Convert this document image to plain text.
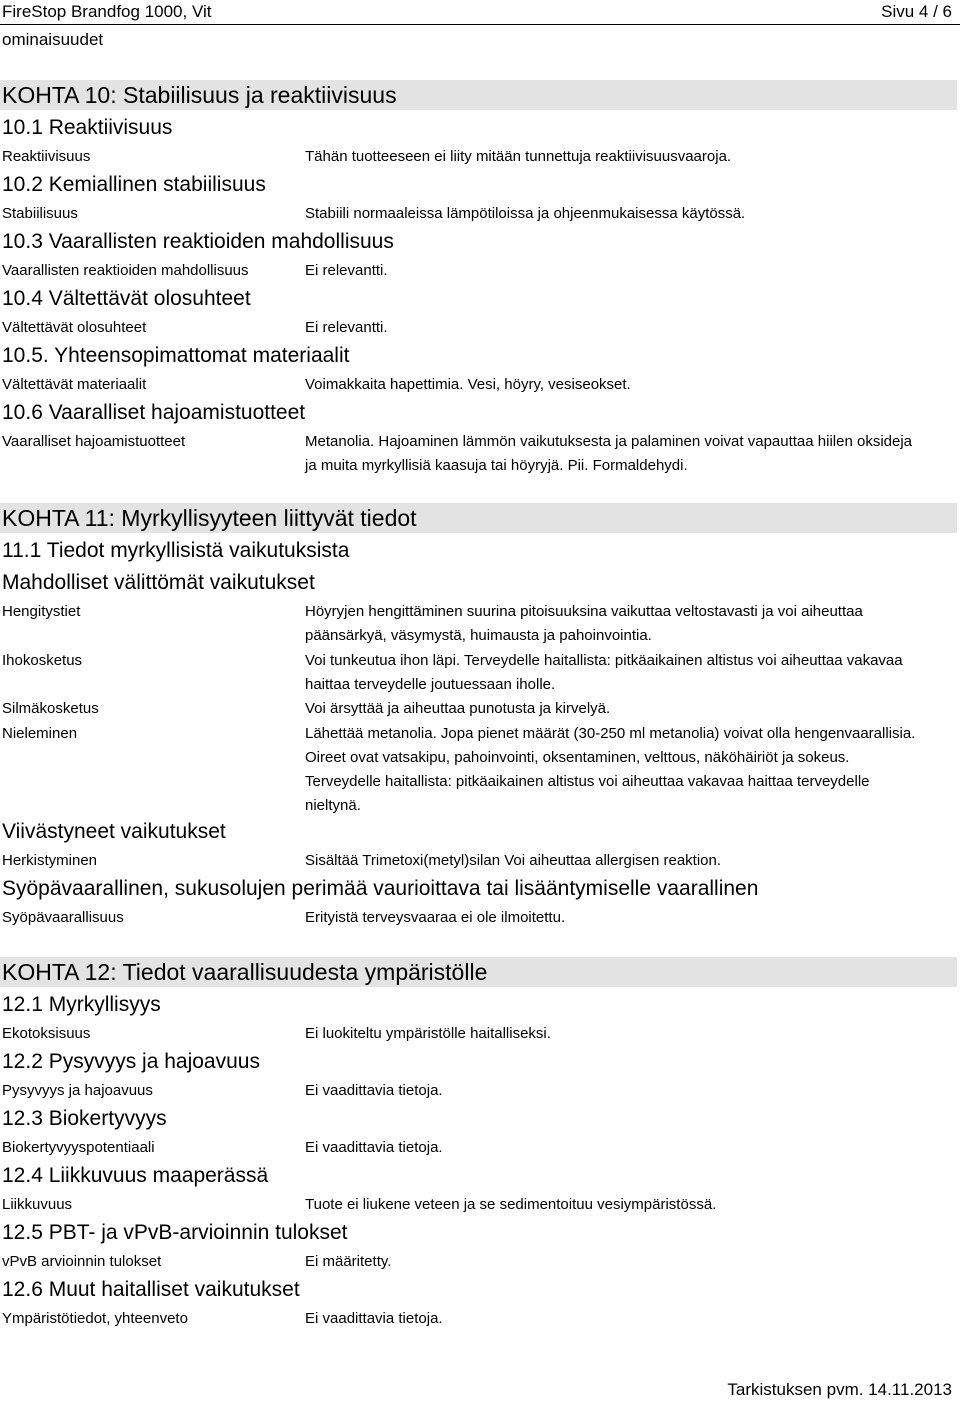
FireStop Brandfog 1000, Vit	Sivu 4 / 6
ominaisuudet
KOHTA 10: Stabiilisuus ja reaktiivisuus
10.1 Reaktiivisuus
Reaktiivisuus	Tähän tuotteeseen ei liity mitään tunnettuja reaktiivisuusvaaroja.
10.2 Kemiallinen stabiilisuus
Stabiilisuus	Stabiili normaaleissa lämpötiloissa ja ohjeenmukaisessa käytössä.
10.3 Vaarallisten reaktioiden mahdollisuus
Vaarallisten reaktioiden mahdollisuus	Ei relevantti.
10.4 Vältettävät olosuhteet
Vältettävät olosuhteet	Ei relevantti.
10.5. Yhteensopimattomat materiaalit
Vältettävät materiaalit	Voimakkaita hapettimia. Vesi, höyry, vesiseokset.
10.6 Vaaralliset hajoamistuotteet
Vaaralliset hajoamistuotteet	Metanolia. Hajoaminen lämmön vaikutuksesta ja palaminen voivat vapauttaa hiilen oksideja ja muita myrkyllisiä kaasuja tai höyryjä. Pii. Formaldehydi.
KOHTA 11: Myrkyllisyyteen liittyvät tiedot
11.1 Tiedot myrkyllisistä vaikutuksista
Mahdolliset välittömät vaikutukset
Hengitystiet	Höyryjen hengittäminen suurina pitoisuuksina vaikuttaa veltostavasti ja voi aiheuttaa päänsärkyä, väsymystä, huimausta ja pahoinvointia.
Ihokosketus	Voi tunkeutua ihon läpi. Terveydelle haitallista: pitkäaikainen altistus voi aiheuttaa vakavaa haittaa terveydelle joutuessaan iholle.
Silmäkosketus	Voi ärsyttää ja aiheuttaa punotusta ja kirvelyä.
Nieleminen	Lähettää metanolia. Jopa pienet määrät (30-250 ml metanolia) voivat olla hengenvaarallisia. Oireet ovat vatsakipu, pahoinvointi, oksentaminen, velttous, näköhäiriöt ja sokeus. Terveydelle haitallista: pitkäaikainen altistus voi aiheuttaa vakavaa haittaa terveydelle nieltynä.
Viivästyneet vaikutukset
Herkistyminen	Sisältää Trimetoxi(metyl)silan Voi aiheuttaa allergisen reaktion.
Syöpävaarallinen, sukusolujen perimää vaurioittava tai lisääntymiselle vaarallinen
Syöpävaarallisuus	Erityistä terveysvaaraa ei ole ilmoitettu.
KOHTA 12: Tiedot vaarallisuudesta ympäristölle
12.1 Myrkyllisyys
Ekotoksisuus	Ei luokiteltu ympäristölle haitalliseksi.
12.2 Pysyvyys ja hajoavuus
Pysyvyys ja hajoavuus	Ei vaadittavia tietoja.
12.3 Biokertyvyys
Biokertyvyyspotentiaali	Ei vaadittavia tietoja.
12.4 Liikkuvuus maaperässä
Liikkuvuus	Tuote ei liukene veteen ja se sedimentoituu vesiympäristössä.
12.5 PBT- ja vPvB-arvioinnin tulokset
vPvB arvioinnin tulokset	Ei määritetty.
12.6 Muut haitalliset vaikutukset
Ympäristötiedot, yhteenveto	Ei vaadittavia tietoja.
Tarkistuksen pvm. 14.11.2013
